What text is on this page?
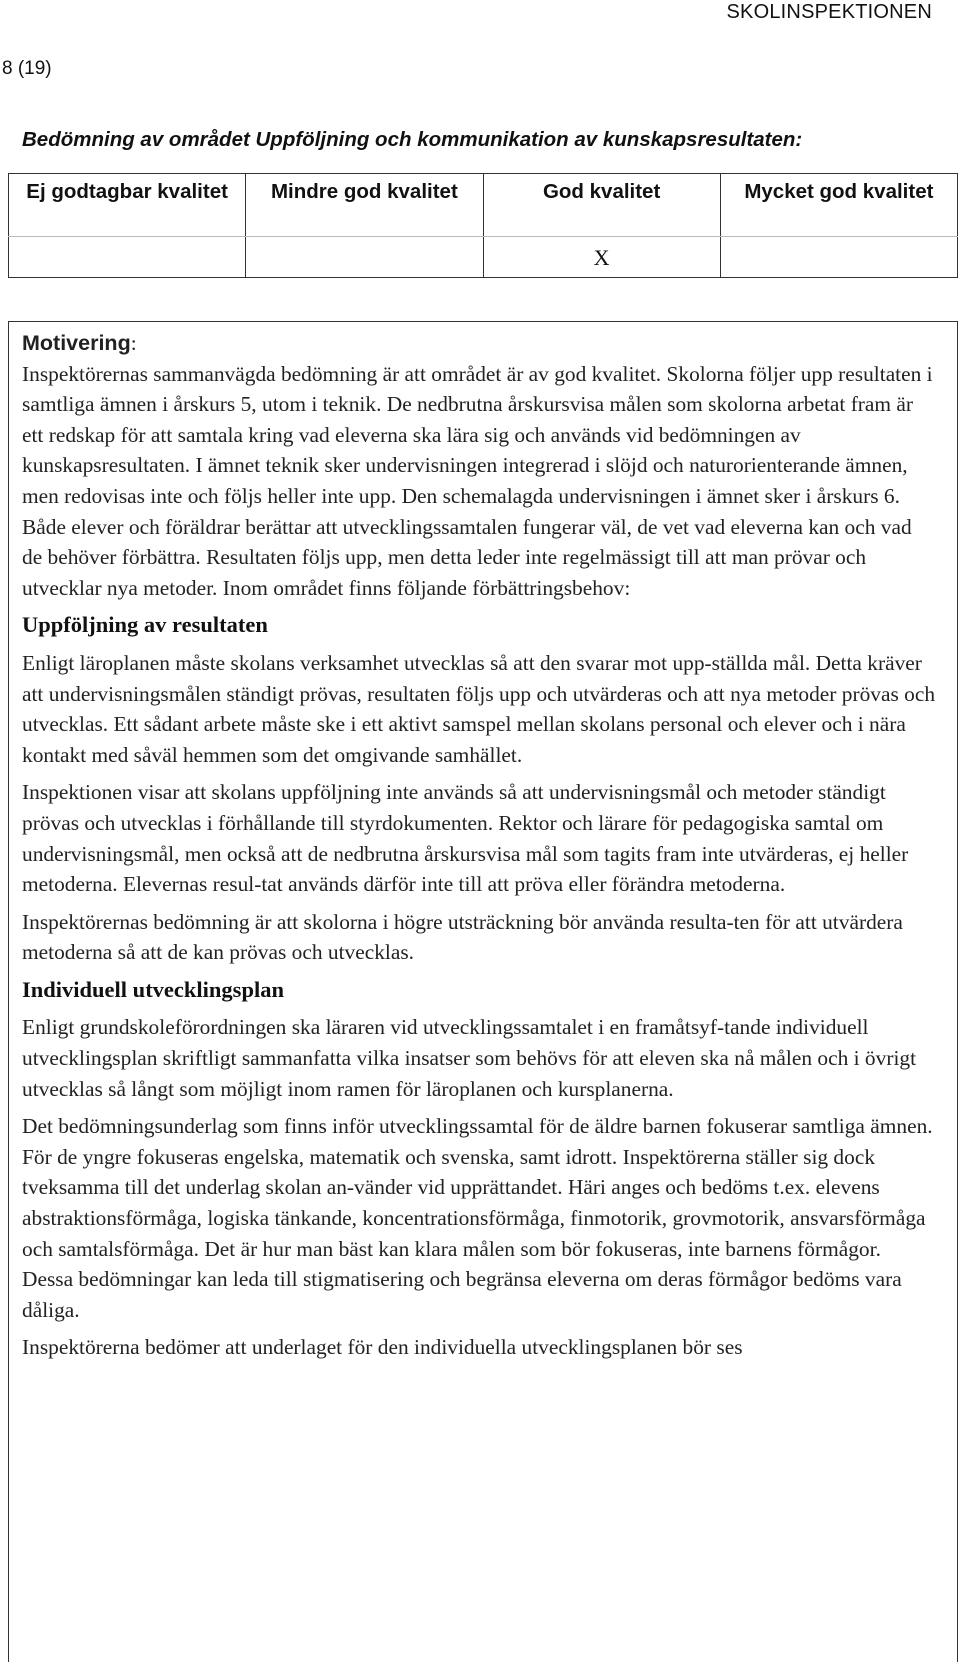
SKOLINSPEKTIONEN
8 (19)
Bedömning av området Uppföljning och kommunikation av kunskapsresultaten:
Ej godtagbar kvalitet	Mindre god kvalitet	God kvalitet	Mycket god kvalitet
		X	
Motivering:

Inspektörernas sammanvägda bedömning är att området är av god kvalitet. Skolorna följer upp resultaten i samtliga ämnen i årskurs 5, utom i teknik. De nedbrutna årskursvisa målen som skolorna arbetat fram är ett redskap för att samtala kring vad eleverna ska lära sig och används vid bedömningen av kunskapsresultaten. I ämnet teknik sker undervisningen integrerad i slöjd och naturorienterande ämnen, men redovisas inte och följs heller inte upp. Den schemalagda undervisningen i ämnet sker i årskurs 6. Både elever och föräldrar berättar att utvecklingssamtalen fungerar väl, de vet vad eleverna kan och vad de behöver förbättra. Resultaten följs upp, men detta leder inte regelmässigt till att man prövar och utvecklar nya metoder. Inom området finns följande förbättringsbehov:

Uppföljning av resultaten

Enligt läroplanen måste skolans verksamhet utvecklas så att den svarar mot upp-ställda mål. Detta kräver att undervisningsmålen ständigt prövas, resultaten följs upp och utvärderas och att nya metoder prövas och utvecklas. Ett sådant arbete måste ske i ett aktivt samspel mellan skolans personal och elever och i nära kontakt med såväl hemmen som det omgivande samhället.

Inspektionen visar att skolans uppföljning inte används så att undervisningsmål och metoder ständigt prövas och utvecklas i förhållande till styrdokumenten. Rektor och lärare för pedagogiska samtal om undervisningsmål, men också att de nedbrutna årskursvisa mål som tagits fram inte utvärderas, ej heller metoderna. Elevernas resul-tat används därför inte till att pröva eller förändra metoderna.

Inspektörernas bedömning är att skolorna i högre utsträckning bör använda resulta-ten för att utvärdera metoderna så att de kan prövas och utvecklas.

Individuell utvecklingsplan

Enligt grundskoleförordningen ska läraren vid utvecklingssamtalet i en framåtsyf-tande individuell utvecklingsplan skriftligt sammanfatta vilka insatser som behövs för att eleven ska nå målen och i övrigt utvecklas så långt som möjligt inom ramen för läroplanen och kursplanerna.

Det bedömningsunderlag som finns inför utvecklingssamtal för de äldre barnen fokuserar samtliga ämnen. För de yngre fokuseras engelska, matematik och svenska, samt idrott. Inspektörerna ställer sig dock tveksamma till det underlag skolan an-vänder vid upprättandet. Häri anges och bedöms t.ex. elevens abstraktionsförmåga, logiska tänkande, koncentrationsförmåga, finmotorik, grovmotorik, ansvarsförmåga och samtalsförmåga. Det är hur man bäst kan klara målen som bör fokuseras, inte barnens förmågor. Dessa bedömningar kan leda till stigmatisering och begränsa eleverna om deras förmågor bedöms vara dåliga.

Inspektörerna bedömer att underlaget för den individuella utvecklingsplanen bör ses
